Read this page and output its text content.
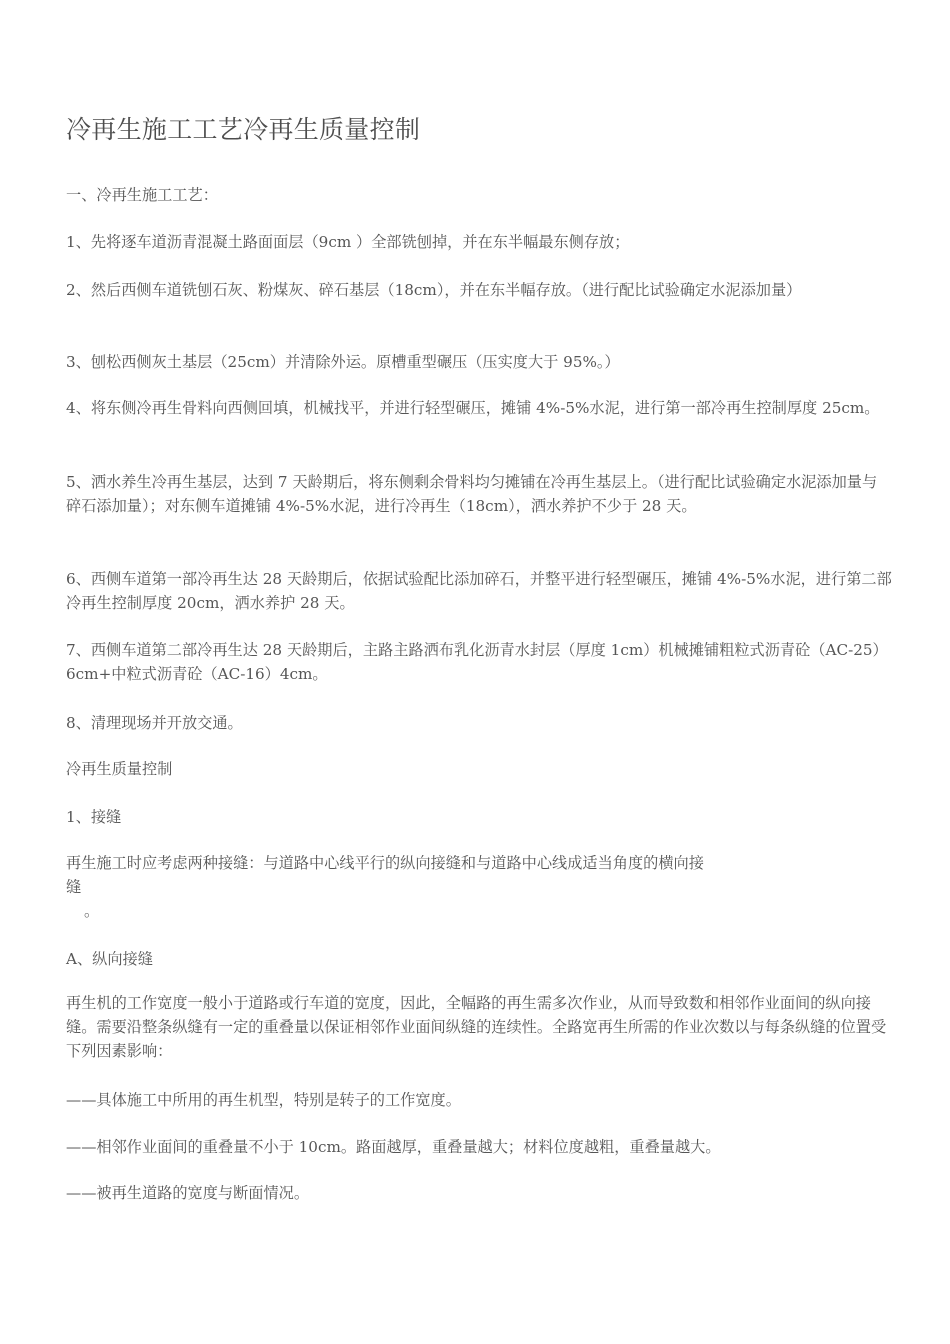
冷再生施工工艺冷再生质量控制
一、冷再生施工工艺：
1、先将逐车道沥青混凝土路面面层（9cm ）全部铣刨掉，并在东半幅最东侧存放；
2、然后西侧车道铣刨石灰、粉煤灰、碎石基层（18cm），并在东半幅存放。（进行配比试验确定水泥添加量）
3、刨松西侧灰土基层（25cm）并清除外运。原槽重型碾压（压实度大于 95%。）
4、将东侧冷再生骨料向西侧回填，机械找平，并进行轻型碾压，摊铺 4%-5%水泥，进行第一部冷再生控制厚度 25cm。
5、洒水养生冷再生基层，达到 7 天龄期后，将东侧剩余骨料均匀摊铺在冷再生基层上。（进行配比试验确定水泥添加量与碎石添加量）；对东侧车道摊铺 4%-5%水泥，进行冷再生（18cm），洒水养护不少于 28 天。
6、西侧车道第一部冷再生达 28 天龄期后，依据试验配比添加碎石，并整平进行轻型碾压，摊铺 4%-5%水泥，进行第二部冷再生控制厚度 20cm，洒水养护 28 天。
7、西侧车道第二部冷再生达 28 天龄期后，主路主路洒布乳化沥青水封层（厚度 1cm）机械摊铺粗粒式沥青砼（AC-25） 6cm+中粒式沥青砼（AC-16）4cm。
8、清理现场并开放交通。
冷再生质量控制
1、接缝
再生施工时应考虑两种接缝：与道路中心线平行的纵向接缝和与道路中心线成适当角度的横向接
缝
。
A、纵向接缝
再生机的工作宽度一般小于道路或行车道的宽度，因此，全幅路的再生需多次作业，从而导致数和相邻作业面间的纵向接缝。需要沿整条纵缝有一定的重叠量以保证相邻作业面间纵缝的连续性。全路宽再生所需的作业次数以与每条纵缝的位置受下列因素影响：
——具体施工中所用的再生机型，特别是转子的工作宽度。
——相邻作业面间的重叠量不小于 10cm。路面越厚，重叠量越大；材料位度越粗，重叠量越大。
——被再生道路的宽度与断面情况。
